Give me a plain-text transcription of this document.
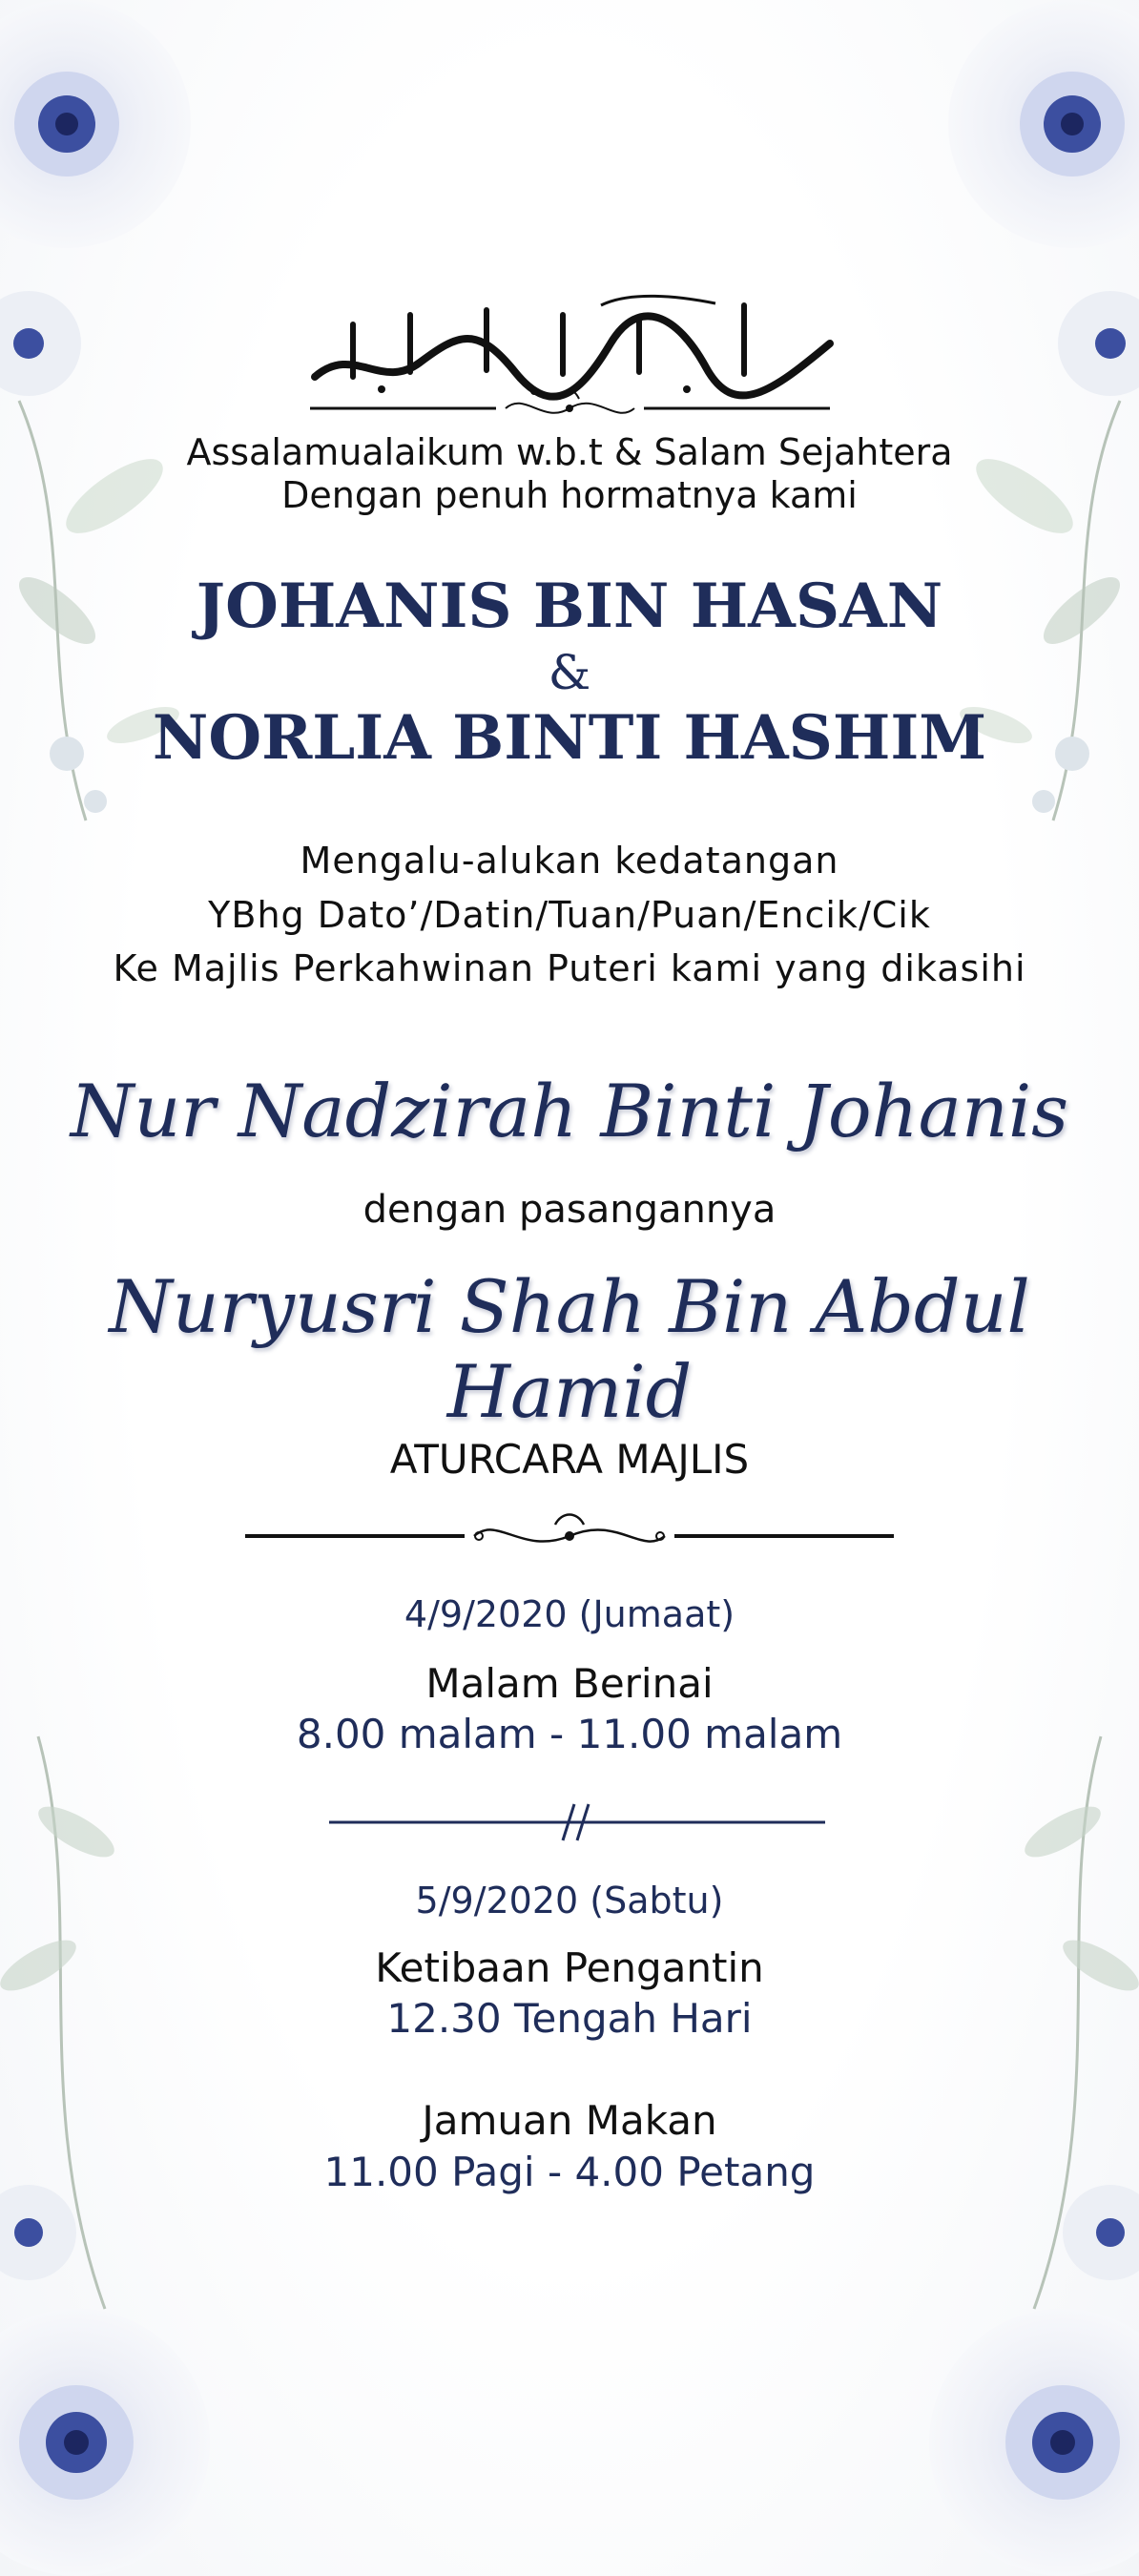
Assalamualaikum w.b.t & Salam Sejahtera
Dengan penuh hormatnya kami
JOHANIS BIN HASAN
&
NORLIA BINTI HASHIM
Mengalu-alukan kedatangan
YBhg Dato’/Datin/Tuan/Puan/Encik/Cik
Ke Majlis Perkahwinan Puteri kami yang dikasihi
Nur Nadzirah Binti Johanis
dengan pasangannya
Nuryusri Shah Bin Abdul Hamid
ATURCARA MAJLIS
4/9/2020 (Jumaat)
Malam Berinai
8.00 malam - 11.00 malam
5/9/2020 (Sabtu)
Ketibaan Pengantin
12.30 Tengah Hari
Jamuan Makan
11.00 Pagi - 4.00 Petang
